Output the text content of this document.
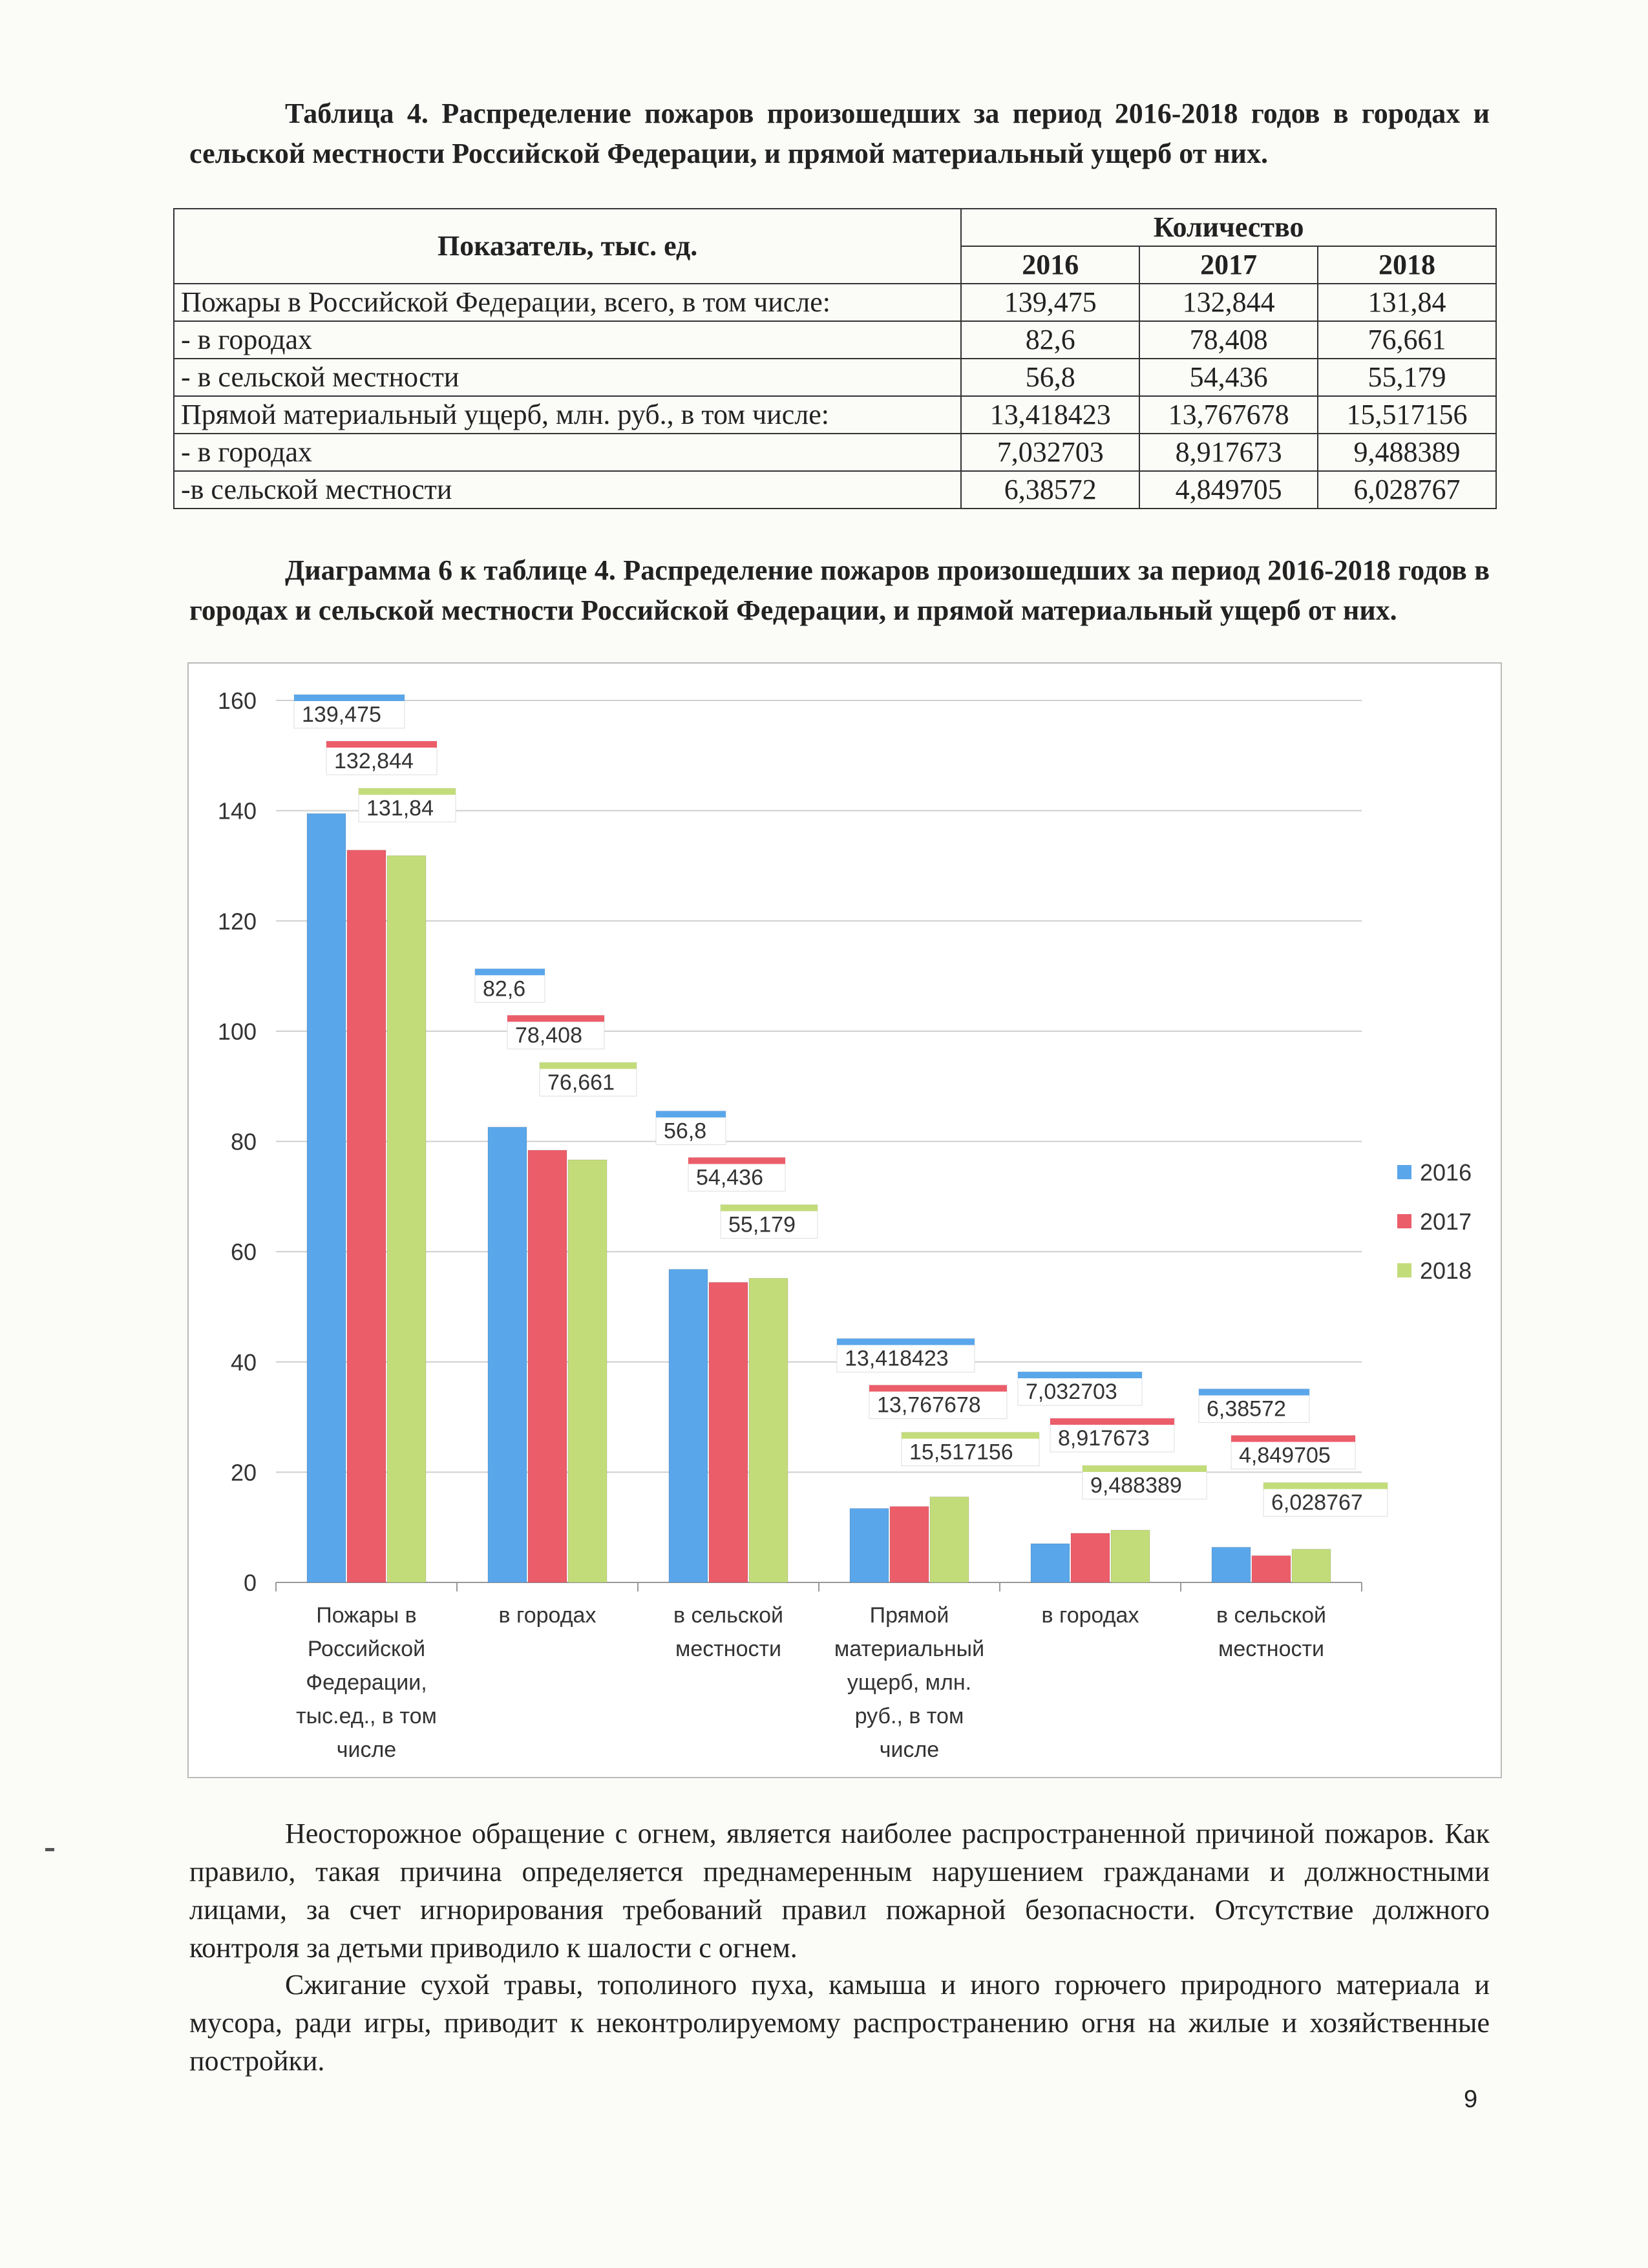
Таблица 4. Распределение пожаров произошедших за период 2016-2018 годов в городах и сельской местности Российской Федерации, и прямой материальный ущерб от них.
Показатель, тыс. ед.	Количество		
	2016	2017	2018
Пожары в Российской Федерации, всего, в том числе:	139,475	132,844	131,84
- в городах	82,6	78,408	76,661
- в сельской местности	56,8	54,436	55,179
Прямой материальный ущерб, млн. руб., в том числе:	13,418423	13,767678	15,517156
- в городах	7,032703	8,917673	9,488389
-в сельской местности	6,38572	4,849705	6,028767
Диаграмма 6 к таблице 4. Распределение пожаров произошедших за период 2016-2018 годов в городах и сельской местности Российской Федерации, и прямой материальный ущерб от них.
0
20
40
60
80
100
120
140
160
Пожары в
Российской
Федерации,
тыс.ед., в том
числе
в городах	в сельской
местности
Прямой
материальный
ущерб, млн.
руб., в том
числе
в городах	в сельской
местности
139,475
132,844
131,84
82,6
78,408
76,661
56,8
54,436
55,179
13,418423
13,767678
15,517156
7,032703
8,917673
9,488389
6,38572
4,849705
6,028767
2016
2017
2018
Неосторожное обращение с огнем, является наиболее распространенной причиной пожаров. Как правило, такая причина определяется преднамеренным нарушением гражданами и должностными лицами, за счет игнорирования требований правил пожарной безопасности. Отсутствие должного контроля за детьми приводило к шалости с огнем.
Сжигание сухой травы, тополиного пуха, камыша и иного горючего природного материала и мусора, ради игры, приводит к неконтролируемому распространению огня на жилые и хозяйственные постройки.
9
